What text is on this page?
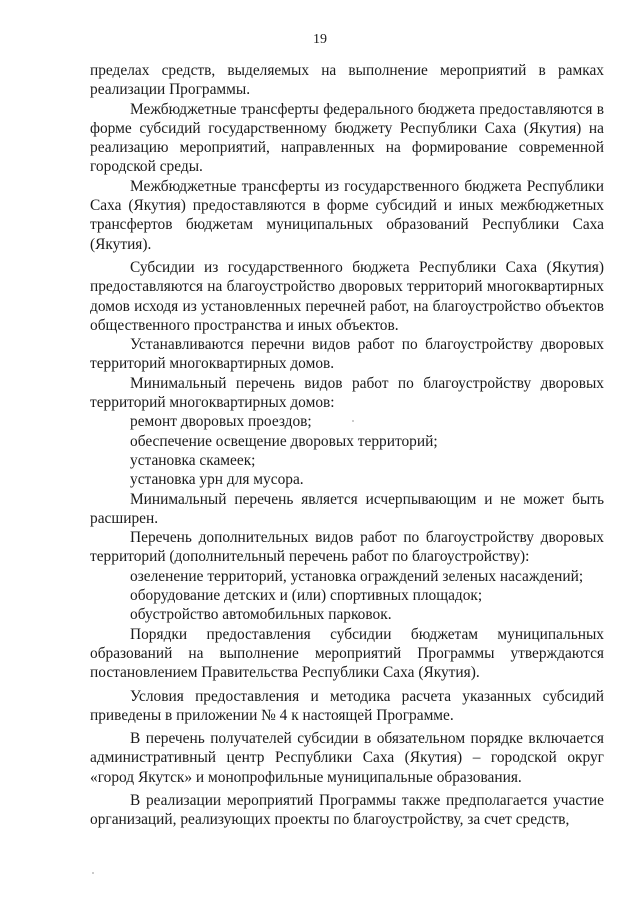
19

пределах средств, выделяемых на выполнение мероприятий в рамках реализации Программы.

Межбюджетные трансферты федерального бюджета предоставляются в форме субсидий государственному бюджету Республики Саха (Якутия) на реализацию мероприятий, направленных на формирование современной городской среды.

Межбюджетные трансферты из государственного бюджета Республики Саха (Якутия) предоставляются в форме субсидий и иных межбюджетных трансфертов бюджетам муниципальных образований Республики Саха (Якутия).

Субсидии из государственного бюджета Республики Саха (Якутия) предоставляются на благоустройство дворовых территорий многоквартирных домов исходя из установленных перечней работ, на благоустройство объектов общественного пространства и иных объектов.

Устанавливаются перечни видов работ по благоустройству дворовых территорий многоквартирных домов.

Минимальный перечень видов работ по благоустройству дворовых территорий многоквартирных домов:

ремонт дворовых проездов;

обеспечение освещение дворовых территорий;

установка скамеек;

установка урн для мусора.

Минимальный перечень является исчерпывающим и не может быть расширен.

Перечень дополнительных видов работ по благоустройству дворовых территорий (дополнительный перечень работ по благоустройству):

озеленение территорий, установка ограждений зеленых насаждений;

оборудование детских и (или) спортивных площадок;

обустройство автомобильных парковок.

Порядки предоставления субсидии бюджетам муниципальных образований на выполнение мероприятий Программы утверждаются постановлением Правительства Республики Саха (Якутия).

Условия предоставления и методика расчета указанных субсидий приведены в приложении № 4 к настоящей Программе.

В перечень получателей субсидии в обязательном порядке включается административный центр Республики Саха (Якутия) – городской округ «город Якутск» и монопрофильные муниципальные образования.

В реализации мероприятий Программы также предполагается участие организаций, реализующих проекты по благоустройству, за счет средств,
